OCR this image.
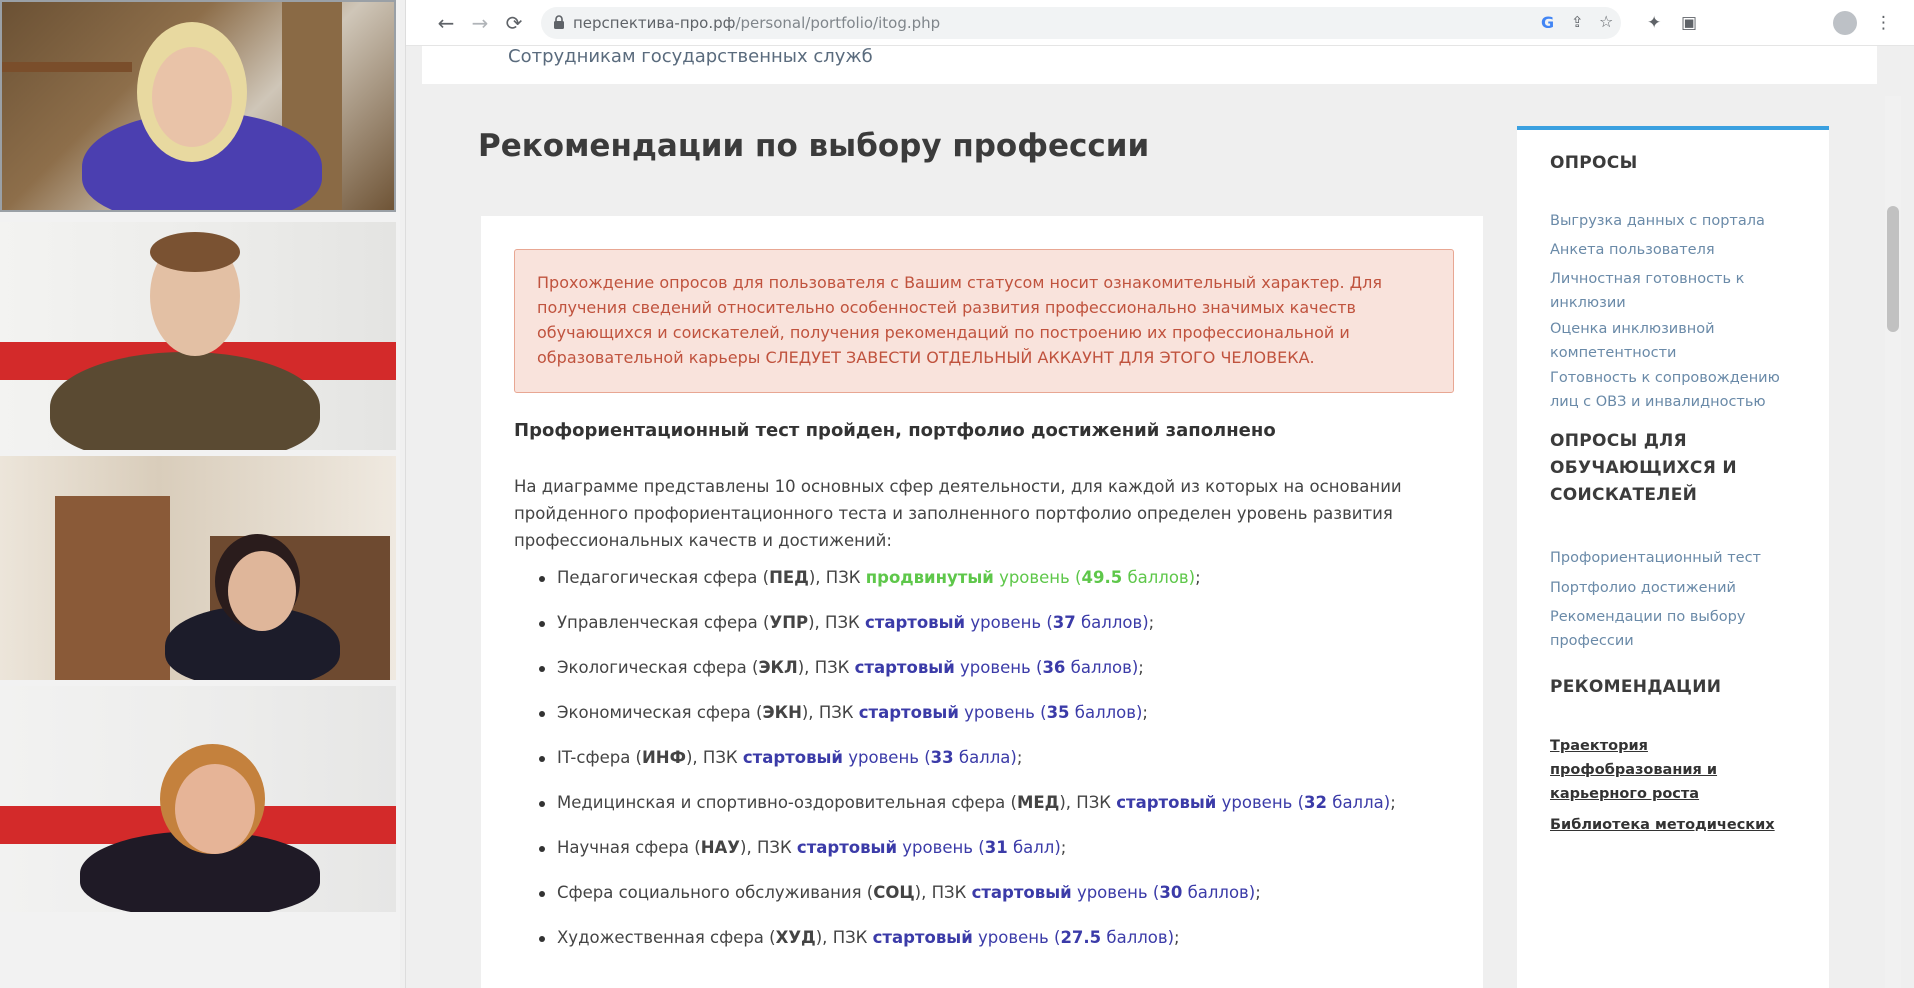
← → ⟳	перспектива-про.рф/personal/portfolio/itog.php	G ⇪ ☆ ✦ ▣	⋮
Сотрудникам государственных служб
Рекомендации по выбору профессии
Прохождение опросов для пользователя с Вашим статусом носит ознакомительный характер. Для получения сведений относительно особенностей развития профессионально значимых качеств обучающихся и соискателей, получения рекомендаций по построению их профессиональной и образовательной карьеры СЛЕДУЕТ ЗАВЕСТИ ОТДЕЛЬНЫЙ АККАУНТ ДЛЯ ЭТОГО ЧЕЛОВЕКА.
Профориентационный тест пройден, портфолио достижений заполнено
На диаграмме представлены 10 основных сфер деятельности, для каждой из которых на основании пройденного профориентационного теста и заполненного портфолио определен уровень развития профессиональных качеств и достижений:
Педагогическая сфера (ПЕД), ПЗК продвинутый уровень (49.5 баллов);
Управленческая сфера (УПР), ПЗК стартовый уровень (37 баллов);
Экологическая сфера (ЭКЛ), ПЗК стартовый уровень (36 баллов);
Экономическая сфера (ЭКН), ПЗК стартовый уровень (35 баллов);
IT-сфера (ИНФ), ПЗК стартовый уровень (33 балла);
Медицинская и спортивно-оздоровительная сфера (МЕД), ПЗК стартовый уровень (32 балла);
Научная сфера (НАУ), ПЗК стартовый уровень (31 балл);
Сфера социального обслуживания (СОЦ), ПЗК стартовый уровень (30 баллов);
Художественная сфера (ХУД), ПЗК стартовый уровень (27.5 баллов);
ОПРОСЫ
Выгрузка данных с портала
Анкета пользователя
Личностная готовность к инклюзии
Оценка инклюзивной компетентности
Готовность к сопровождению лиц с ОВЗ и инвалидностью
ОПРОСЫ ДЛЯ ОБУЧАЮЩИХСЯ И СОИСКАТЕЛЕЙ
Профориентационный тест
Портфолио достижений
Рекомендации по выбору профессии
РЕКОМЕНДАЦИИ
Траектория профобразования и карьерного роста
Библиотека методических
